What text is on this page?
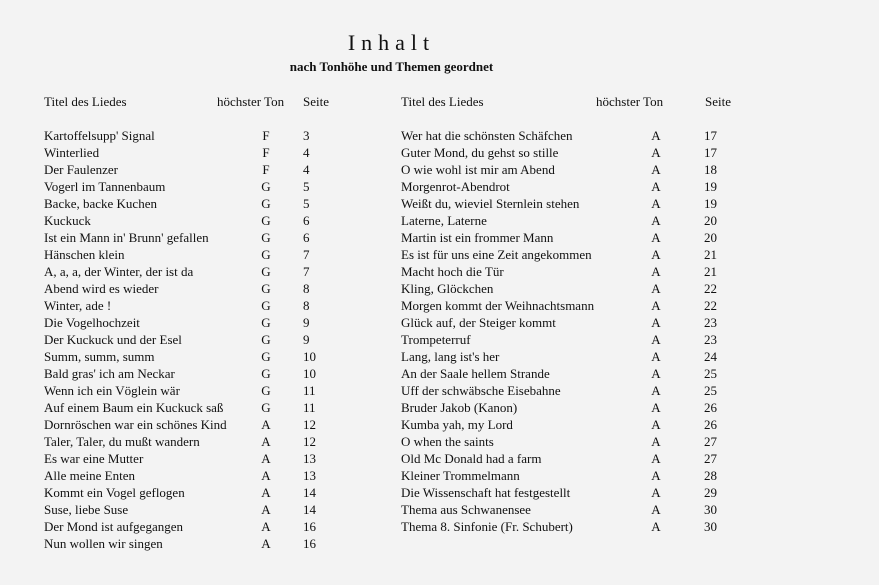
Inhalt
nach Tonhöhe und Themen geordnet
Titel des Liedes	höchster Ton Seite	Titel des Liedes	höchster Ton	Seite
Kartoffelsupp' Signal	F	3
Winterlied	F	4
Der Faulenzer	F	4
Vogerl im Tannenbaum	G 5
Backe, backe Kuchen	G 5
Kuckuck	G 6
Ist ein Mann in' Brunn' gefallen	G 6
Hänschen klein	G 7
A, a, a, der Winter, der ist da	G 7
Abend wird es wieder	G 8
Winter, ade !	G 8
Die Vogelhochzeit	G 9
Der Kuckuck und der Esel	G 9
Summ, summ, summ	G 10
Bald gras' ich am Neckar	G 10
Wenn ich ein Vöglein wär	G 11
Auf einem Baum ein Kuckuck saß	G 11
Dornröschen war ein schönes Kind	A 12
Taler, Taler, du mußt wandern	A 12
Es war eine Mutter	A 13
Alle meine Enten	A 13
Kommt ein Vogel geflogen	A 14
Suse, liebe Suse	A 14
Der Mond ist aufgegangen	A 16
Nun wollen wir singen	A 16
Wer hat die schönsten Schäfchen	A	17
Guter Mond, du gehst so stille	A	17
O wie wohl ist mir am Abend	A	18
Morgenrot-Abendrot	A	19
Weißt du, wieviel Sternlein stehen	A	19
Laterne, Laterne	A	20
Martin ist ein frommer Mann	A	20
Es ist für uns eine Zeit angekommen	A	21
Macht hoch die Tür	A	21
Kling, Glöckchen	A	22
Morgen kommt der Weihnachtsmann	A	22
Glück auf, der Steiger kommt	A	23
Trompeterruf	A	23
Lang, lang ist's her	A	24
An der Saale hellem Strande	A	25
Uff der schwäbsche Eisebahne	A	25
Bruder Jakob (Kanon)	A	26
Kumba yah, my Lord	A	26
O when the saints	A	27
Old Mc Donald had a farm	A	27
Kleiner Trommelmann	A	28
Die Wissenschaft hat festgestellt	A	29
Thema aus Schwanensee	A	30
Thema 8. Sinfonie (Fr. Schubert)	A	30
